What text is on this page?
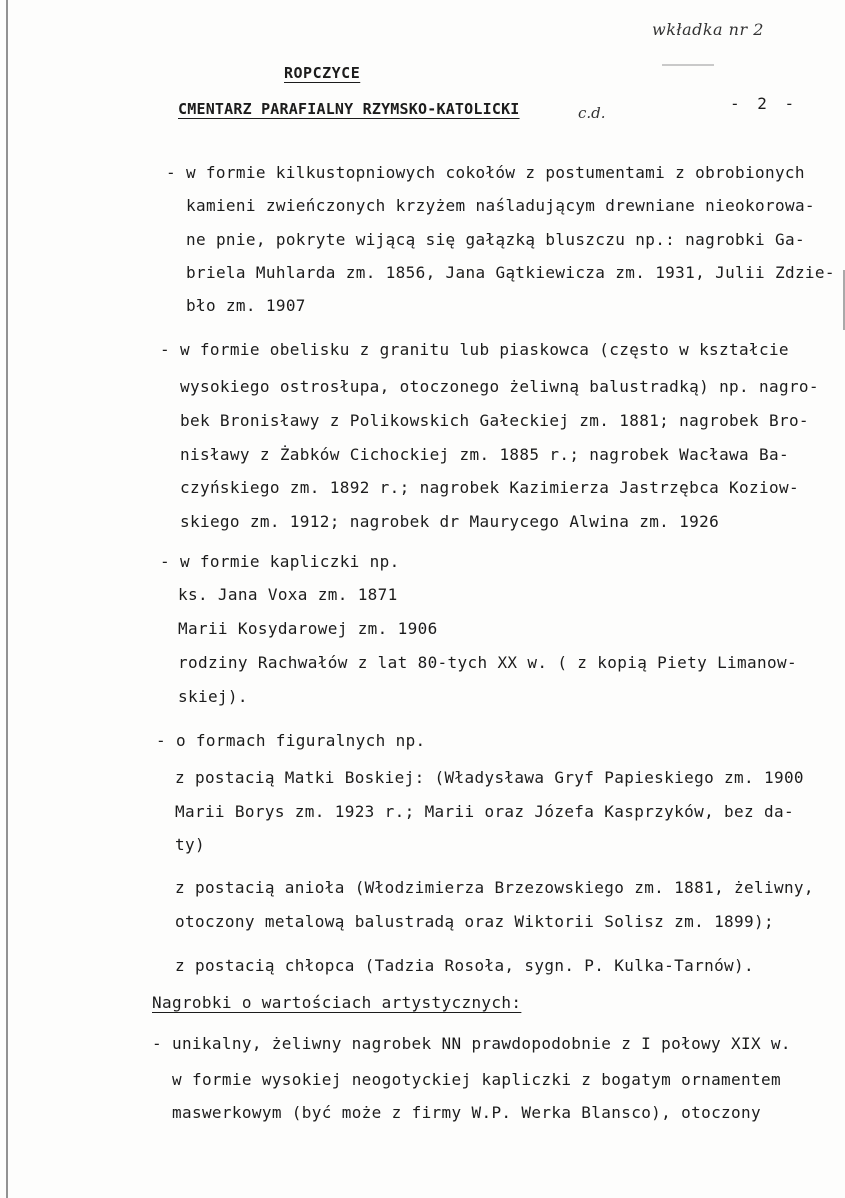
wkładka nr 2
ROPCZYCE
CMENTARZ PARAFIALNY RZYMSKO-KATOLICKI	c.d.	- 2 -
- w formie kilkustopniowych cokołów z postumentami z obrobionych
kamieni zwieńczonych krzyżem naśladującym drewniane nieokorowa-
ne pnie, pokryte wijącą się gałązką bluszczu np.: nagrobki Ga-
briela Muhlarda zm. 1856, Jana Gątkiewicza zm. 1931, Julii Zdzie-
bło zm. 1907
- w formie obelisku z granitu lub piaskowca (często w kształcie
wysokiego ostrosłupa, otoczonego żeliwną balustradką) np. nagro-
bek Bronisławy z Polikowskich Gałeckiej zm. 1881; nagrobek Bro-
nisławy z Żabków Cichockiej zm. 1885 r.; nagrobek Wacława Ba-
czyńskiego zm. 1892 r.; nagrobek Kazimierza Jastrzębca Koziow-
skiego zm. 1912; nagrobek dr Maurycego Alwina zm. 1926
- w formie kapliczki np.
ks. Jana Voxa zm. 1871
Marii Kosydarowej zm. 1906
rodziny Rachwałów z lat 80-tych XX w. ( z kopią Piety Limanow-
skiej).
- o formach figuralnych np.
z postacią Matki Boskiej: (Władysława Gryf Papieskiego zm. 1900
Marii Borys zm. 1923 r.; Marii oraz Józefa Kasprzyków, bez da-
ty)
z postacią anioła (Włodzimierza Brzezowskiego zm. 1881, żeliwny,
otoczony metalową balustradą oraz Wiktorii Solisz zm. 1899);
z postacią chłopca (Tadzia Rosoła, sygn. P. Kulka-Tarnów).
Nagrobki o wartościach artystycznych:
- unikalny, żeliwny nagrobek NN prawdopodobnie z I połowy XIX w.
w formie wysokiej neogotyckiej kapliczki z bogatym ornamentem
maswerkowym (być może z firmy W.P. Werka Blansco), otoczony
